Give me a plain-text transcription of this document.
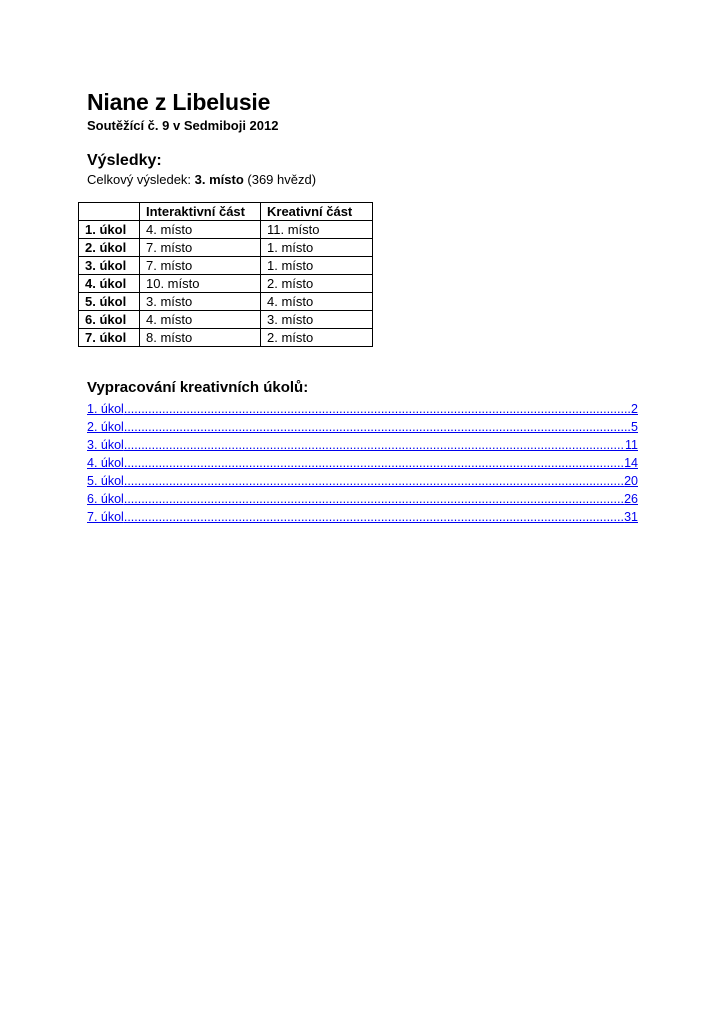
Niane z Libelusie
Soutěžící č. 9 v Sedmiboji 2012
Výsledky:
Celkový výsledek: 3. místo (369 hvězd)
	Interaktivní část	Kreativní část
1. úkol	4. místo	11. místo
2. úkol	7. místo	1. místo
3. úkol	7. místo	1. místo
4. úkol	10. místo	2. místo
5. úkol	3. místo	4. místo
6. úkol	4. místo	3. místo
7. úkol	8. místo	2. místo
Vypracování kreativních úkolů:
1. úkol .....	2
2. úkol .....	5
3. úkol .....	11
4. úkol .....	14
5. úkol .....	20
6. úkol .....	26
7. úkol .....	31
